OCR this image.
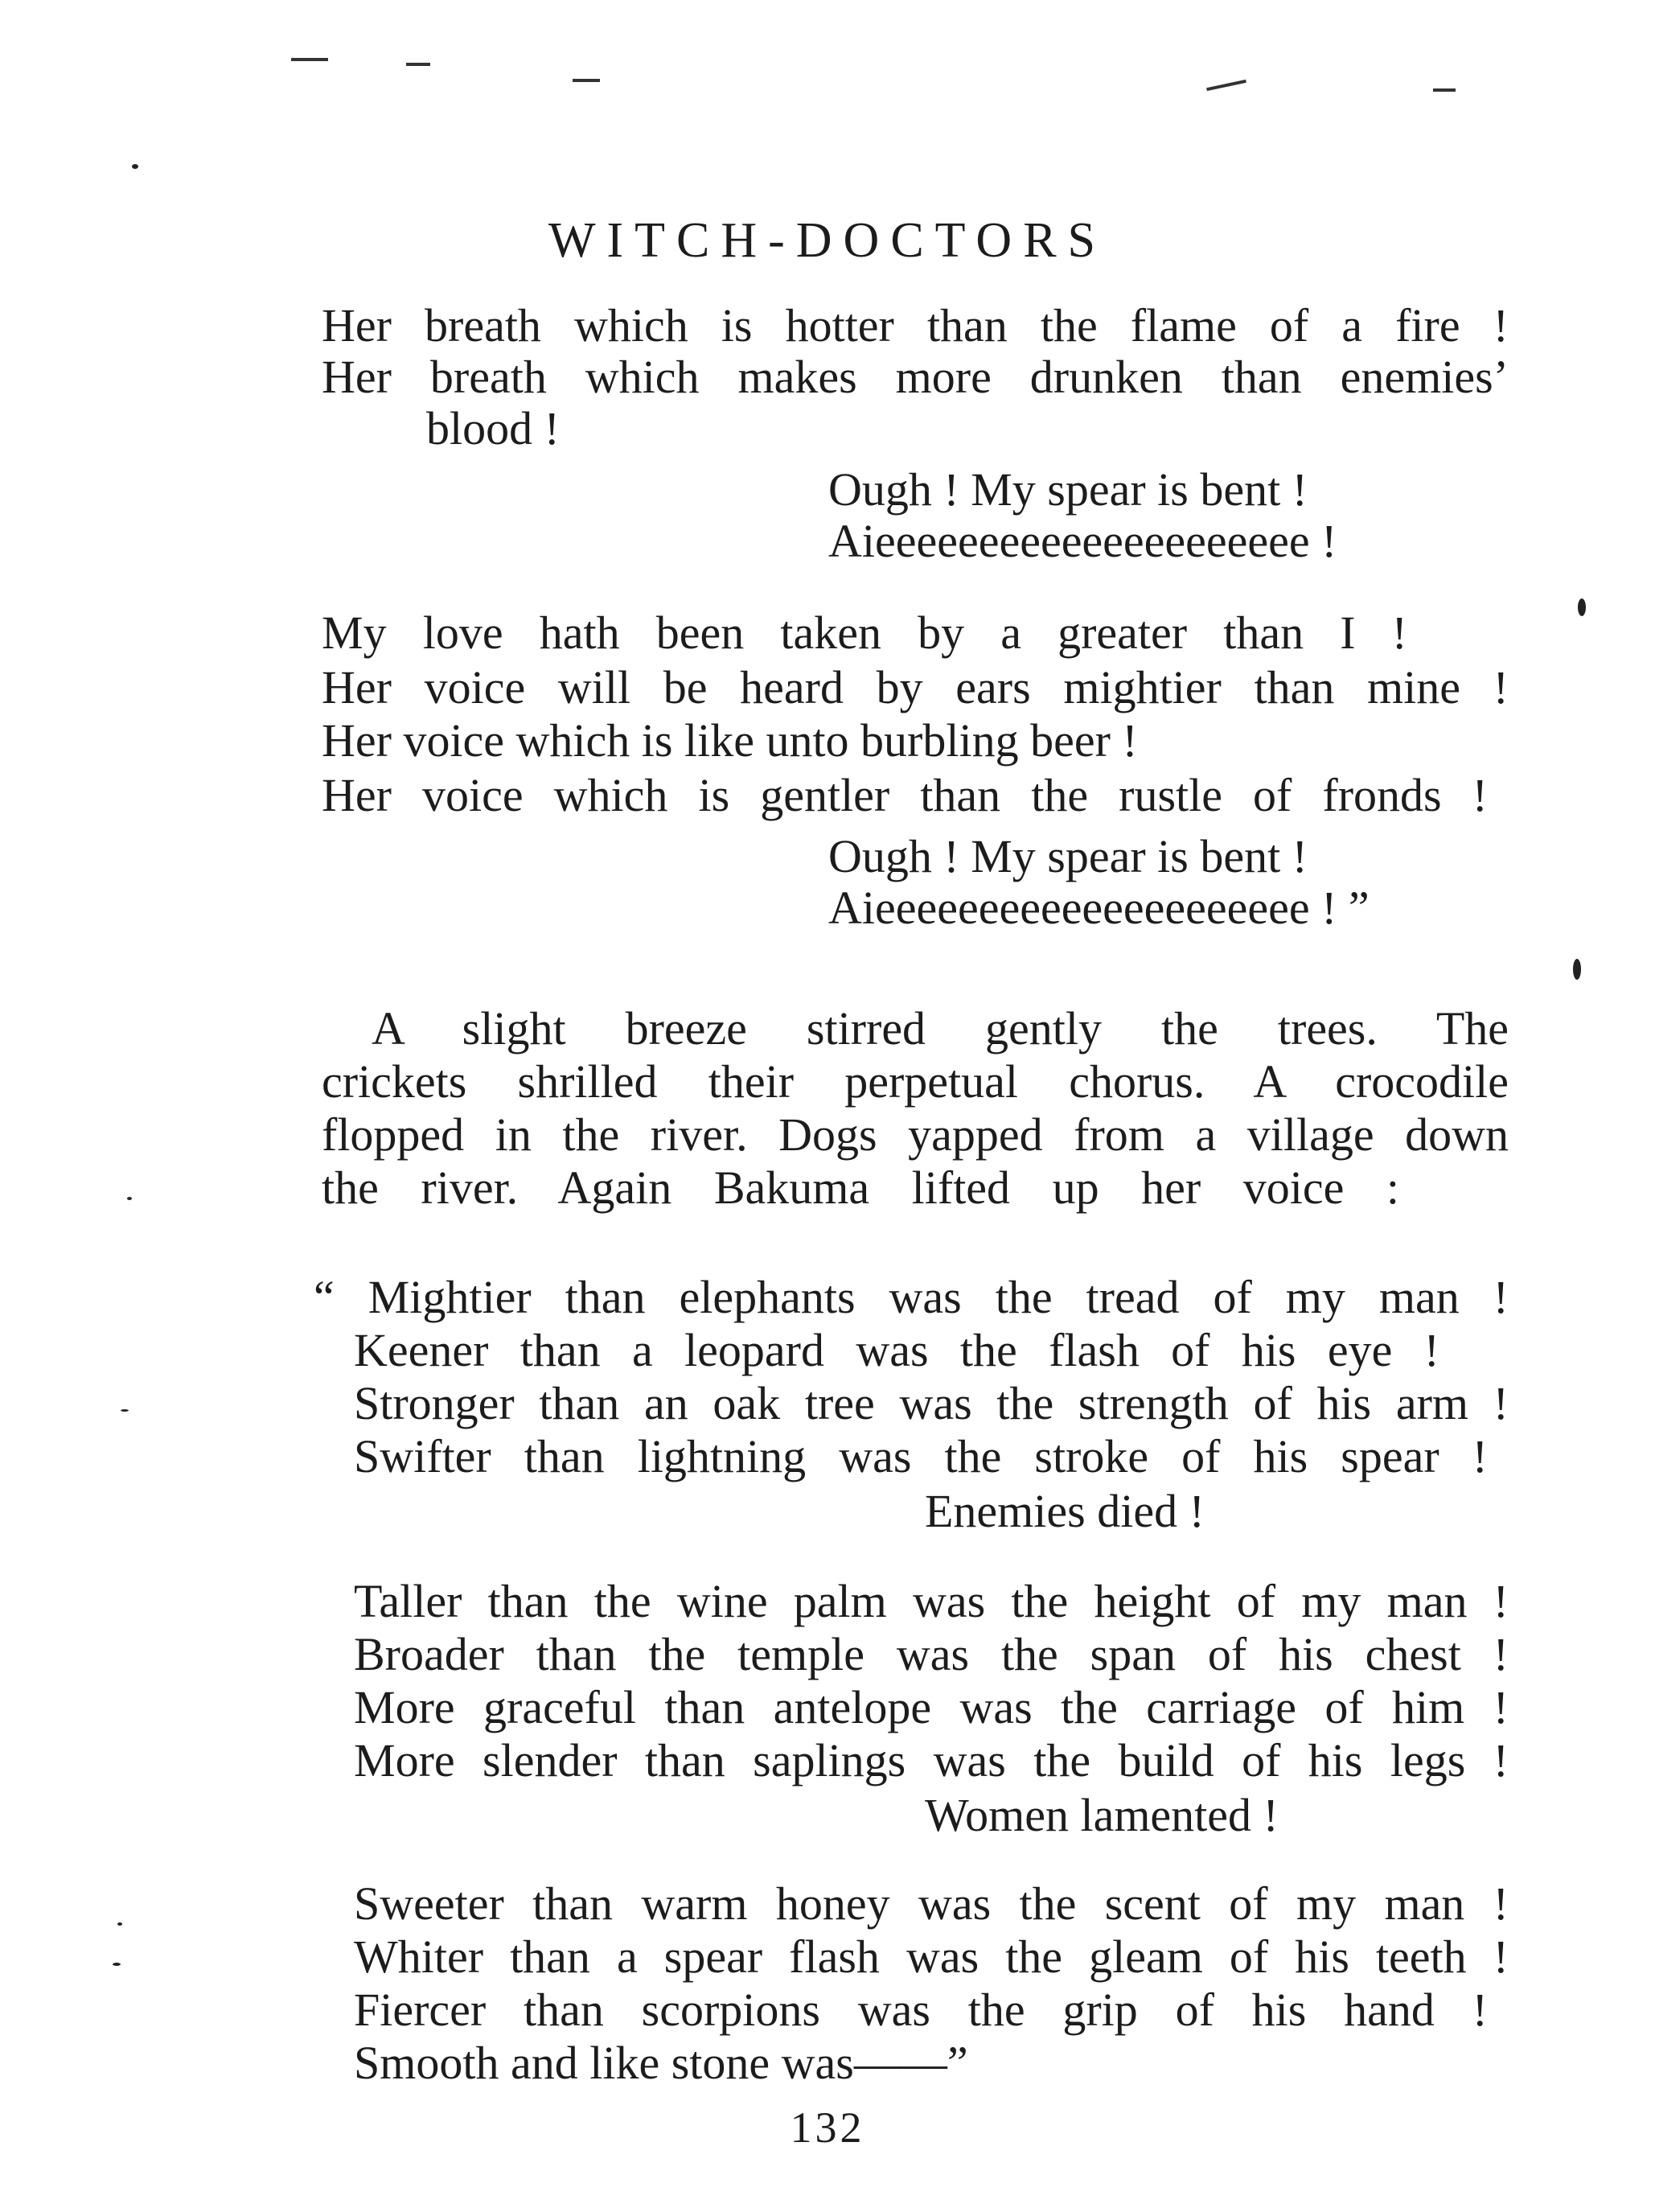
WITCH-DOCTORS
Her breath which is hotter than the flame of a fire !
Her breath which makes more drunken than enemies’
blood !
Ough ! My spear is bent !
Aieeeeeeeeeeeeeeeeeeeee !
My love hath been taken by a greater than I !
Her voice will be heard by ears mightier than mine !
Her voice which is like unto burbling beer !
Her voice which is gentler than the rustle of fronds !
Ough ! My spear is bent !
Aieeeeeeeeeeeeeeeeeeeee ! ”
A slight breeze stirred gently the trees. The
crickets shrilled their perpetual chorus. A crocodile
flopped in the river. Dogs yapped from a village down
the river. Again Bakuma lifted up her voice :
“ Mightier than elephants was the tread of my man !
Keener than a leopard was the flash of his eye !
Stronger than an oak tree was the strength of his arm !
Swifter than lightning was the stroke of his spear !
Enemies died !
Taller than the wine palm was the height of my man !
Broader than the temple was the span of his chest !
More graceful than antelope was the carriage of him !
More slender than saplings was the build of his legs !
Women lamented !
Sweeter than warm honey was the scent of my man !
Whiter than a spear flash was the gleam of his teeth !
Fiercer than scorpions was the grip of his hand !
Smooth and like stone was——”
132
